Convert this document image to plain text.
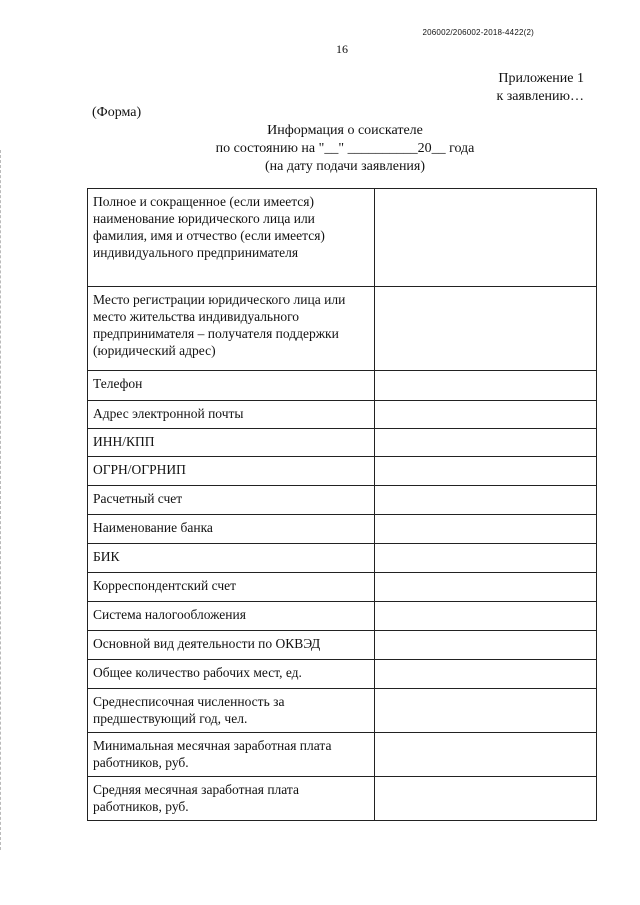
206002/206002-2018-4422(2)
16
Приложение 1
к заявлению…
(Форма)
Информация о соискателе
по состоянию на "__" __________20__ года
(на дату подачи заявления)
Полное и сокращенное (если имеется) наименование юридического лица или фамилия, имя и отчество (если имеется) индивидуального предпринимателя	
Место регистрации юридического лица или место жительства индивидуального предпринимателя – получателя поддержки (юридический адрес)	
Телефон	
Адрес электронной почты	
ИНН/КПП	
ОГРН/ОГРНИП	
Расчетный счет	
Наименование банка	
БИК	
Корреспондентский счет	
Система налогообложения	
Основной вид деятельности по ОКВЭД	
Общее количество рабочих мест, ед.	
Среднесписочная численность за предшествующий год, чел.	
Минимальная месячная заработная плата работников, руб.	
Средняя месячная заработная плата работников, руб.	
